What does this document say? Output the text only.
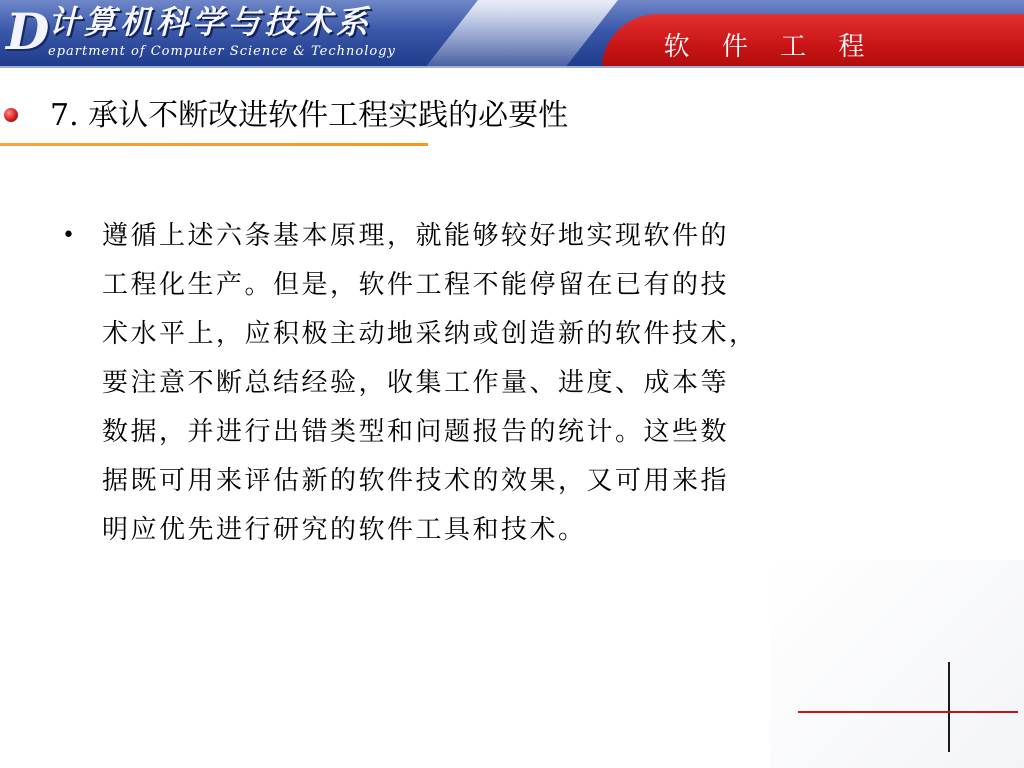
D
计算机科学与技术系
epartment of Computer Science & Technology	软 件 工 程
7. 承认不断改进软件工程实践的必要性
• 遵循上述六条基本原理，就能够较好地实现软件的
工程化生产。但是，软件工程不能停留在已有的技
术水平上，应积极主动地采纳或创造新的软件技术，
要注意不断总结经验，收集工作量、进度、成本等
数据，并进行出错类型和问题报告的统计。这些数
据既可用来评估新的软件技术的效果，又可用来指
明应优先进行研究的软件工具和技术。
